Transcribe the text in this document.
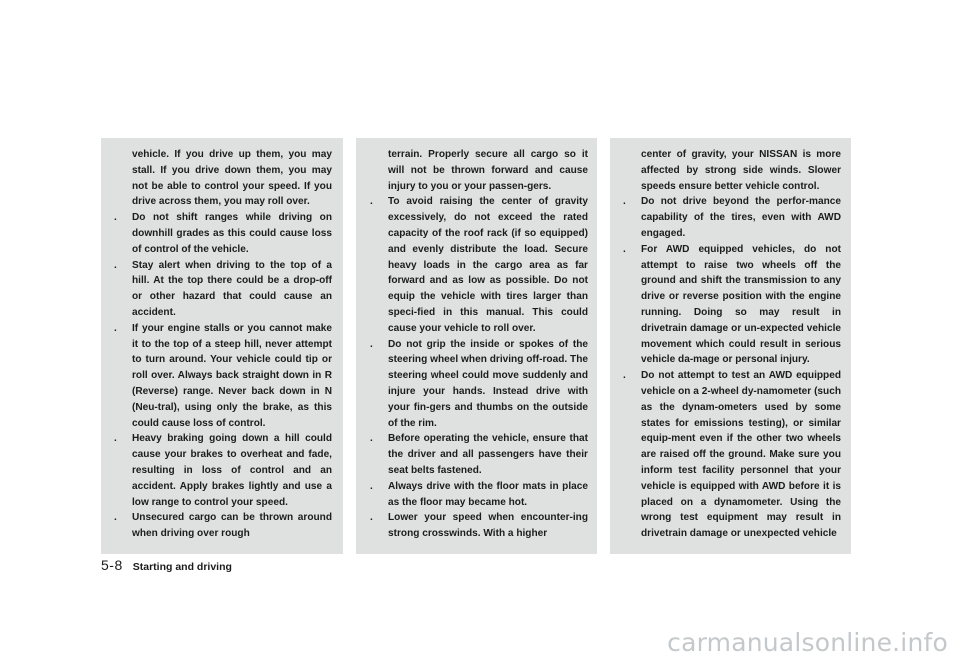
vehicle. If you drive up them, you may stall. If you drive down them, you may not be able to control your speed. If you drive across them, you may roll over.

. Do not shift ranges while driving on downhill grades as this could cause loss of control of the vehicle.
. Stay alert when driving to the top of a hill. At the top there could be a drop-off or other hazard that could cause an accident.
. If your engine stalls or you cannot make it to the top of a steep hill, never attempt to turn around. Your vehicle could tip or roll over. Always back straight down in R (Reverse) range. Never back down in N (Neu-tral), using only the brake, as this could cause loss of control.
. Heavy braking going down a hill could cause your brakes to overheat and fade, resulting in loss of control and an accident. Apply brakes lightly and use a low range to control your speed.
. Unsecured cargo can be thrown around when driving over rough

terrain. Properly secure all cargo so it will not be thrown forward and cause injury to you or your passen-gers.

. To avoid raising the center of gravity excessively, do not exceed the rated capacity of the roof rack (if so equipped) and evenly distribute the load. Secure heavy loads in the cargo area as far forward and as low as possible. Do not equip the vehicle with tires larger than speci-fied in this manual. This could cause your vehicle to roll over.
. Do not grip the inside or spokes of the steering wheel when driving off-road. The steering wheel could move suddenly and injure your hands. Instead drive with your fin-gers and thumbs on the outside of the rim.
. Before operating the vehicle, ensure that the driver and all passengers have their seat belts fastened.
. Always drive with the floor mats in place as the floor may became hot.
. Lower your speed when encounter-ing strong crosswinds. With a higher

center of gravity, your NISSAN is more affected by strong side winds. Slower speeds ensure better vehicle control.

. Do not drive beyond the perfor-mance capability of the tires, even with AWD engaged.
. For AWD equipped vehicles, do not attempt to raise two wheels off the ground and shift the transmission to any drive or reverse position with the engine running. Doing so may result in drivetrain damage or un-expected vehicle movement which could result in serious vehicle da-mage or personal injury.
. Do not attempt to test an AWD equipped vehicle on a 2-wheel dy-namometer (such as the dynam-ometers used by some states for emissions testing), or similar equip-ment even if the other two wheels are raised off the ground. Make sure you inform test facility personnel that your vehicle is equipped with AWD before it is placed on a dynamometer. Using the wrong test equipment may result in drivetrain damage or unexpected vehicle
5-8 Starting and driving
carmanualsonline.info
